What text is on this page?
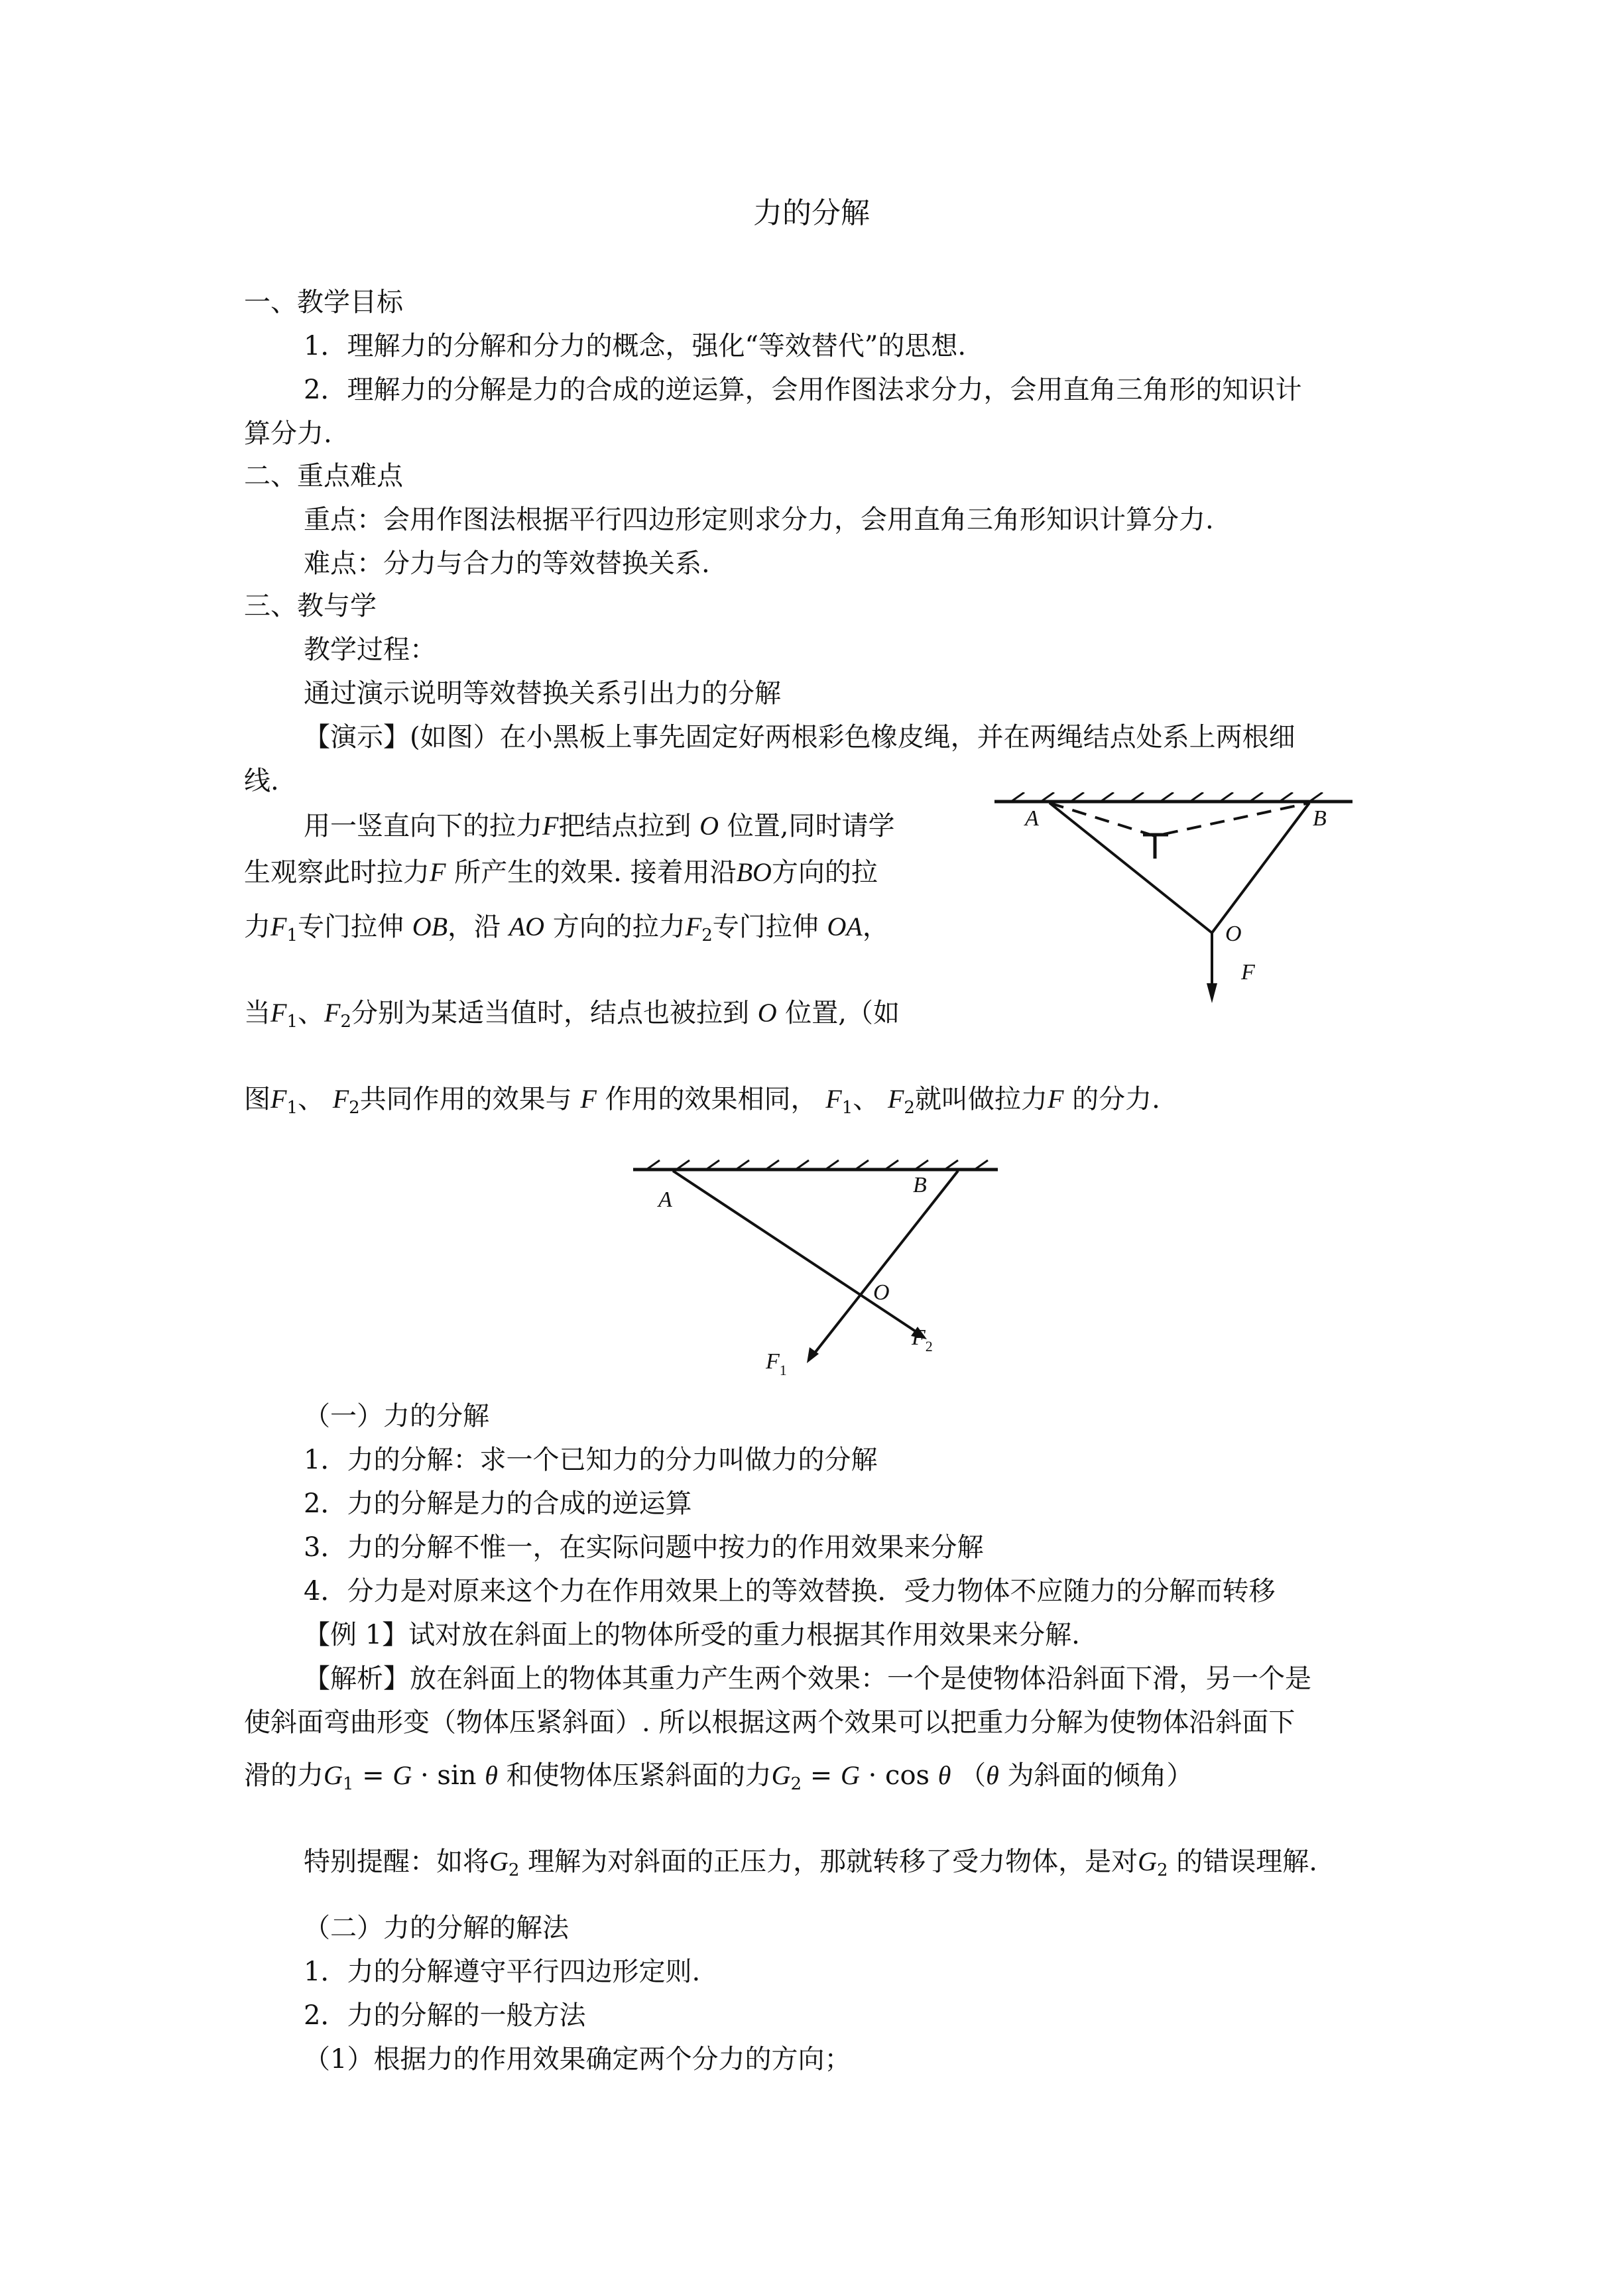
力的分解
一、教学目标
1．理解力的分解和分力的概念，强化“等效替代”的思想.
2．理解力的分解是力的合成的逆运算，会用作图法求分力，会用直角三角形的知识计
算分力.
二、重点难点
重点：会用作图法根据平行四边形定则求分力，会用直角三角形知识计算分力.
难点：分力与合力的等效替换关系.
三、教与学
教学过程：
通过演示说明等效替换关系引出力的分解
【演示】(如图）在小黑板上事先固定好两根彩色橡皮绳，并在两绳结点处系上两根细
线.
用一竖直向下的拉力F把结点拉到 O 位置,同时请学
生观察此时拉力F 所产生的效果. 接着用沿BO方向的拉
力$F_1$专门拉伸 OB，沿 AO 方向的拉力$F_2$专门拉伸 OA，
当$F_1$、$F_2$分别为某适当值时，结点也被拉到 O 位置,（如
图$F_1$、 $F_2$共同作用的效果与 F 作用的效果相同， $F_1$、 $F_2$就叫做拉力F 的分力.
A	B
O
F
A
B
O
$F_1$
$F_2$
（一）力的分解
1．力的分解：求一个已知力的分力叫做力的分解
2．力的分解是力的合成的逆运算
3．力的分解不惟一，在实际问题中按力的作用效果来分解
4．分力是对原来这个力在作用效果上的等效替换．受力物体不应随力的分解而转移
【例 1】试对放在斜面上的物体所受的重力根据其作用效果来分解.
【解析】放在斜面上的物体其重力产生两个效果：一个是使物体沿斜面下滑，另一个是
使斜面弯曲形变（物体压紧斜面）. 所以根据这两个效果可以把重力分解为使物体沿斜面下
滑的力$G_1 = G \cdot \sin \theta$ 和使物体压紧斜面的力$G_2 = G \cdot \cos \theta$ （θ 为斜面的倾角）
特别提醒：如将$G_2$ 理解为对斜面的正压力，那就转移了受力物体，是对$G_2$ 的错误理解.
（二）力的分解的解法
1．力的分解遵守平行四边形定则.
2．力的分解的一般方法
（1）根据力的作用效果确定两个分力的方向；
